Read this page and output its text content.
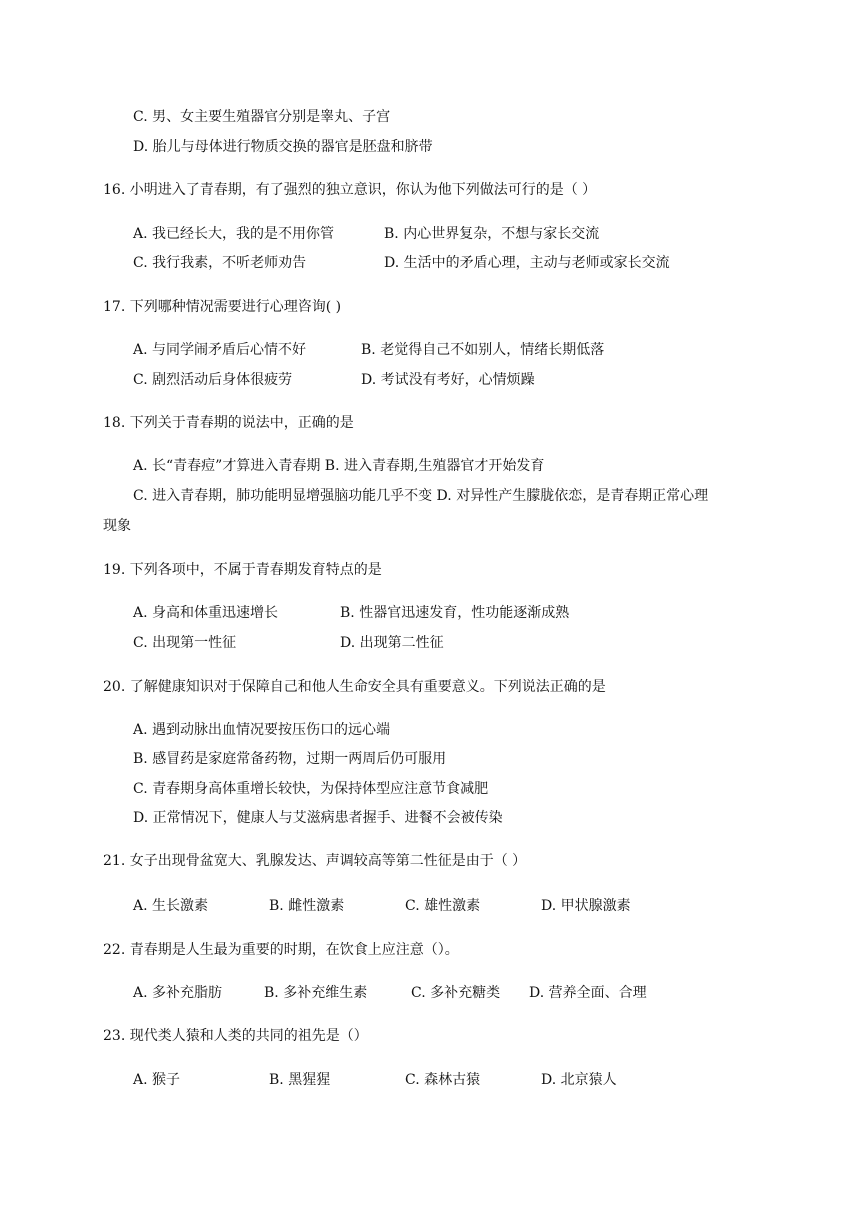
C. 男、女主要生殖器官分别是睾丸、子宫
D. 胎儿与母体进行物质交换的器官是胚盘和脐带
16. 小明进入了青春期，有了强烈的独立意识，你认为他下列做法可行的是（ ）
A. 我已经长大，我的是不用你管	B. 内心世界复杂，不想与家长交流
C. 我行我素，不听老师劝告	D. 生活中的矛盾心理，主动与老师或家长交流
17. 下列哪种情况需要进行心理咨询( )
A. 与同学闹矛盾后心情不好	B. 老觉得自己不如别人，情绪长期低落
C. 剧烈活动后身体很疲劳	D. 考试没有考好，心情烦躁
18. 下列关于青春期的说法中，正确的是
A. 长“青春痘”才算进入青春期 B. 进入青春期,生殖器官才开始发育
C. 进入青春期，肺功能明显增强脑功能几乎不变 D. 对异性产生朦胧依恋，是青春期正常心理
现象
19. 下列各项中，不属于青春期发育特点的是
A. 身高和体重迅速增长	B. 性器官迅速发育，性功能逐渐成熟
C. 出现第一性征	D. 出现第二性征
20. 了解健康知识对于保障自己和他人生命安全具有重要意义。下列说法正确的是
A. 遇到动脉出血情况要按压伤口的远心端
B. 感冒药是家庭常备药物，过期一两周后仍可服用
C. 青春期身高体重增长较快，为保持体型应注意节食减肥
D. 正常情况下，健康人与艾滋病患者握手、进餐不会被传染
21. 女子出现骨盆宽大、乳腺发达、声调较高等第二性征是由于（ ）
A. 生长激素	B. 雌性激素	C. 雄性激素	D. 甲状腺激素
22. 青春期是人生最为重要的时期，在饮食上应注意（）。
A. 多补充脂肪	B. 多补充维生素	C. 多补充糖类 D. 营养全面、合理
23. 现代类人猿和人类的共同的祖先是（）
A. 猴子	B. 黑猩猩	C. 森林古猿	D. 北京猿人
